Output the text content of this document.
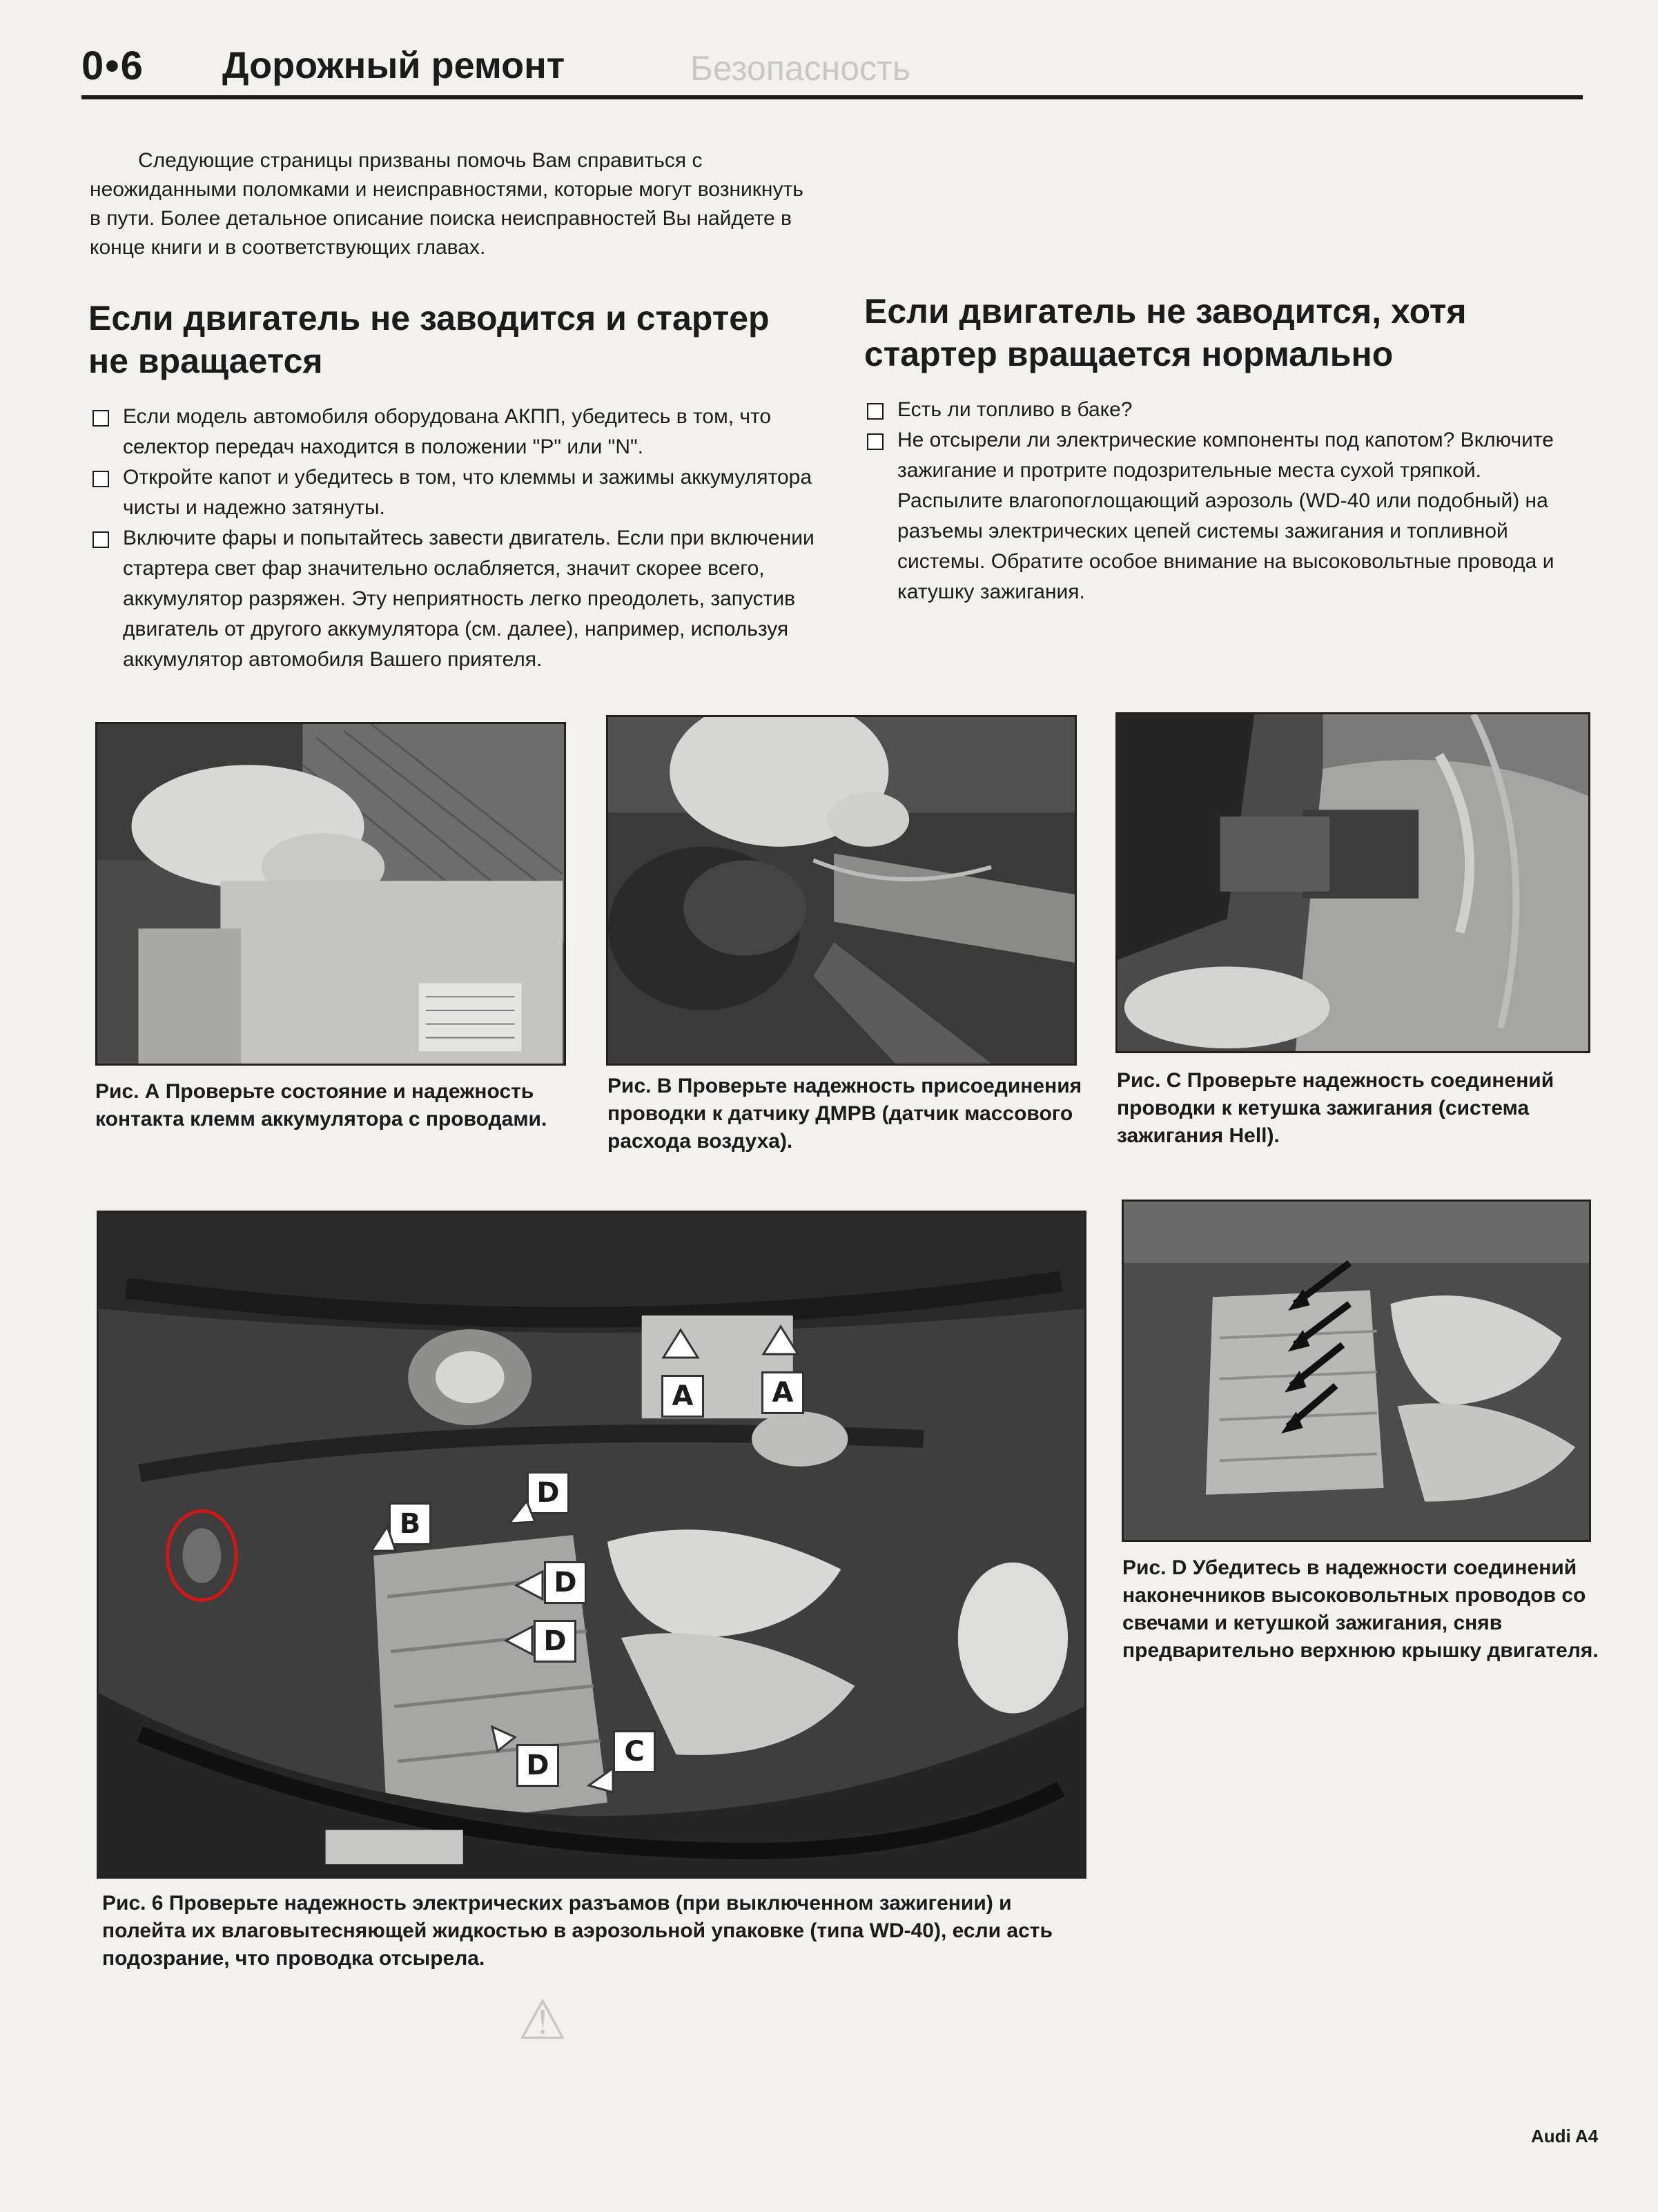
Безопасность
0•6 Дорожный ремонт

Следующие страницы призваны помочь Вам справиться с неожиданными поломками и неисправностями, которые могут возникнуть в пути. Более детальное описание поиска неисправностей Вы найдете в конце книги и в соответствующих главах.

Если двигатель не заводится и стартер не вращается
Если модель автомобиля оборудована АКПП, убедитесь в том, что селектор передач находится в положении "P" или "N".
Откройте капот и убедитесь в том, что клеммы и зажимы аккумулятора чисты и надежно затянуты.
Включите фары и попытайтесь завести двигатель. Если при включении стартера свет фар значительно ослабляется, значит скорее всего, аккумулятор разряжен. Эту неприятность легко преодолеть, запустив двигатель от другого аккумулятора (см. далее), например, используя аккумулятор автомобиля Вашего приятеля.
Если двигатель не заводится, хотя стартер вращается нормально
Есть ли топливо в баке?
Не отсырели ли электрические компоненты под капотом? Включите зажигание и протрите подозрительные места сухой тряпкой. Распылите влагопоглощающий аэрозоль (WD-40 или подобный) на разъемы электрических цепей системы зажигания и топливной системы. Обратите особое внимание на высоковольтные провода и катушку зажигания.
Рис. А Проверьте состояние и надежность контакта клемм аккумулятора с проводами.
Рис. В Проверьте надежность присоединения проводки к датчику ДМРВ (датчик массового расхода воздуха).
Рис. C Проверьте надежность соединений проводки к кетушка зажигания (система зажигания Hell).
Рис. D Убедитесь в надежности соединений наконечников высоковольтных проводов со свечами и кетушкой зажигания, сняв предварительно верхнюю крышку двигателя.
A	A
B
D
D
D
D	C
Рис. 6 Проверьте надежность электрических разъамов (при выключенном зажигении) и полейта их влаговытесняющей жидкостью в аэрозольной упаковке (типа WD-40), если асть подозрание, что проводка отсырела.
⚠
Audi A4
